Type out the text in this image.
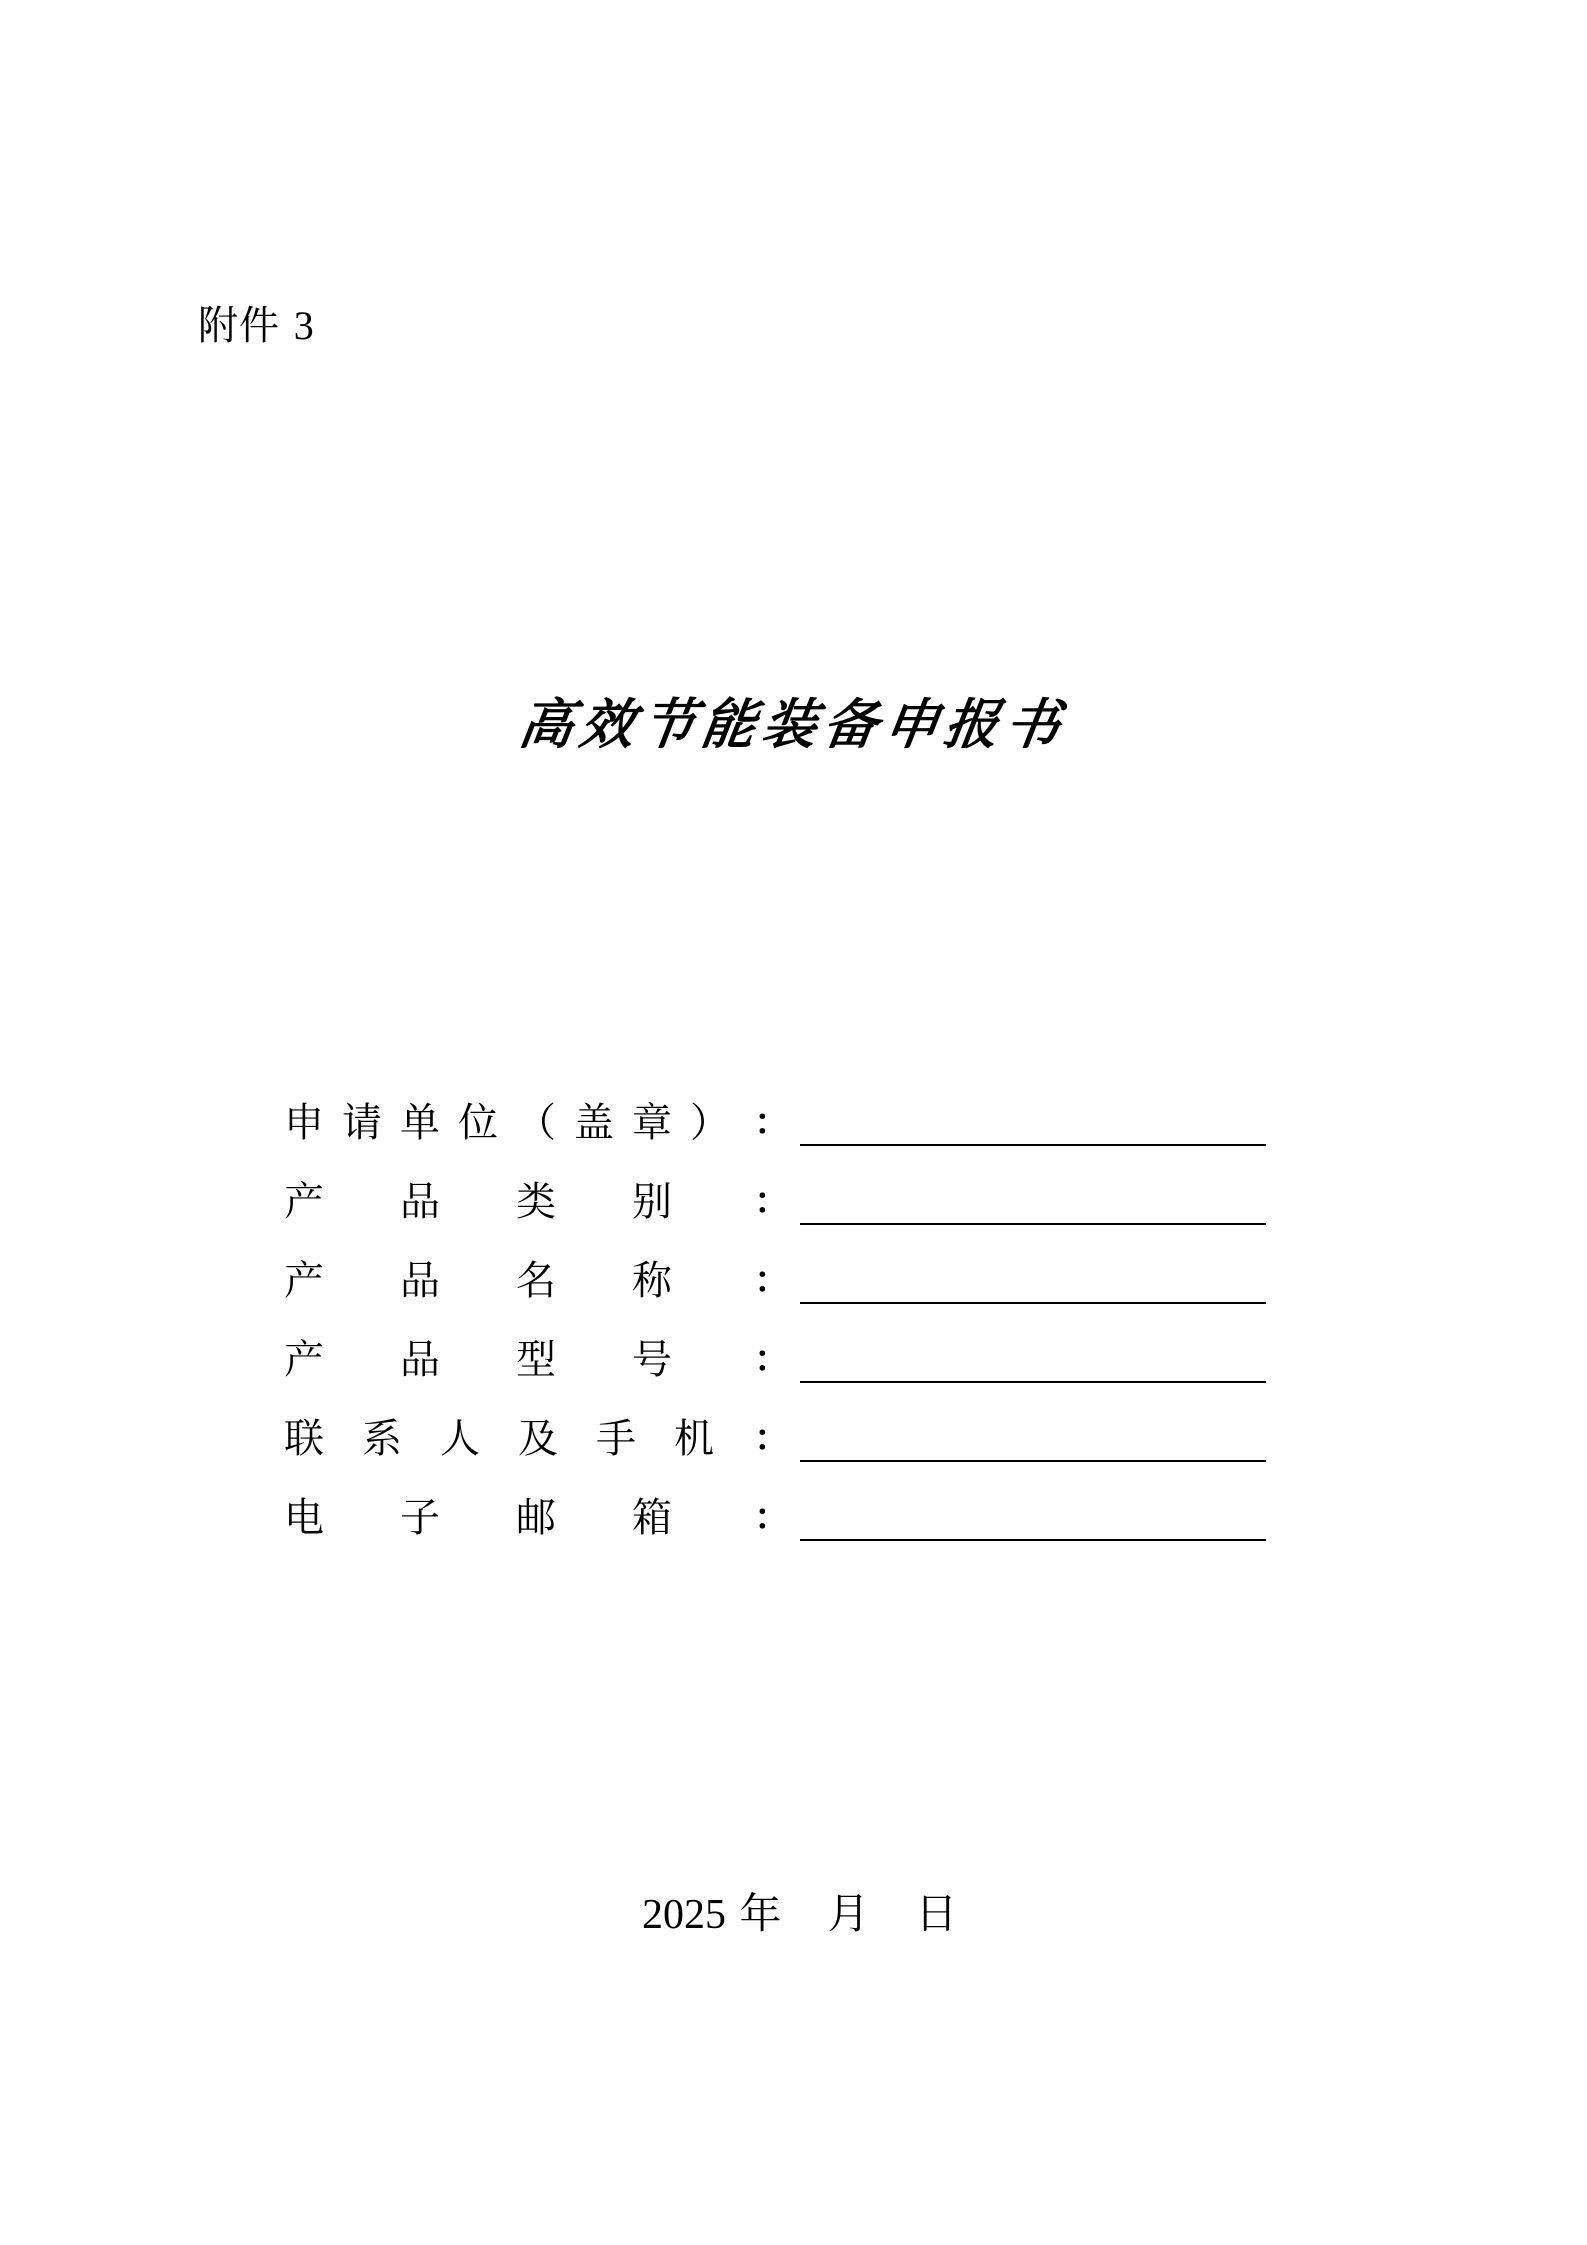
附件 3
高
效
节
能
装
备
申
报
书
申 请 单 位 （ 盖 章 ） ：
产 品 类 别 ：
产 品 名 称 ：
产 品 型 号 ：
联 系 人 及 手 机 ：
电 子 邮 箱 ：
2025 年 月 日
